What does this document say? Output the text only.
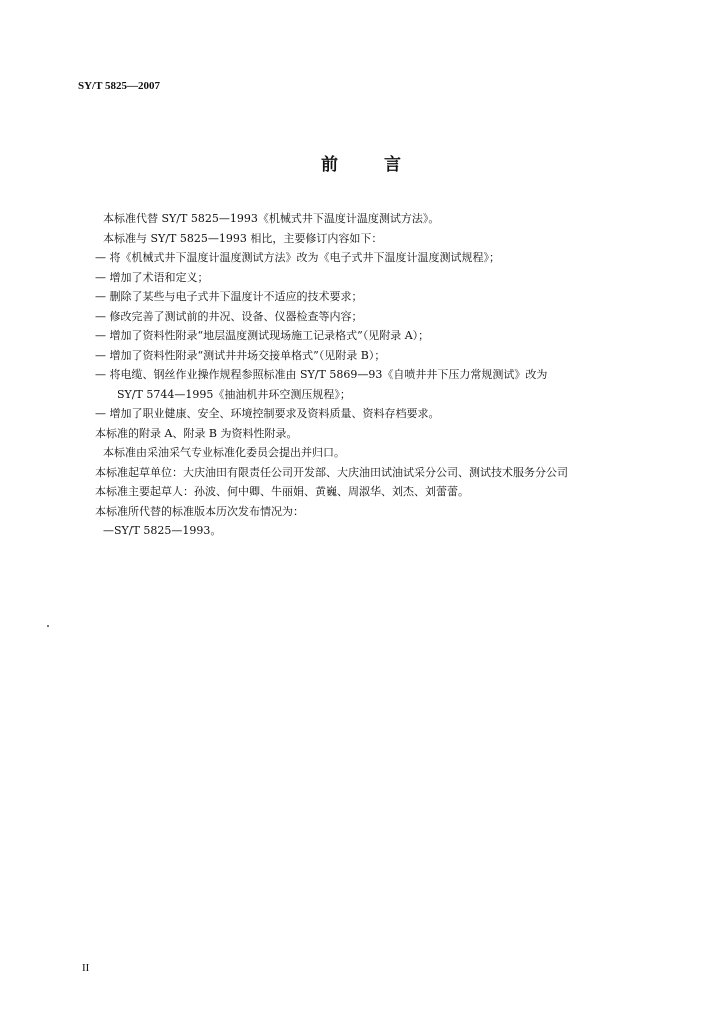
SY/T 5825—2007
前	言
本标准代替 SY/T 5825—1993《机械式井下温度计温度测试方法》。
本标准与 SY/T 5825—1993 相比，主要修订内容如下：
— 将《机械式井下温度计温度测试方法》改为《电子式井下温度计温度测试规程》；
— 增加了术语和定义；
— 删除了某些与电子式井下温度计不适应的技术要求；
— 修改完善了测试前的井况、设备、仪器检查等内容；
— 增加了资料性附录“地层温度测试现场施工记录格式”（见附录 A）；
— 增加了资料性附录“测试井井场交接单格式”（见附录 B）；
— 将电缆、钢丝作业操作规程参照标准由 SY/T 5869—93《自喷井井下压力常规测试》改为
SY/T 5744—1995《抽油机井环空测压规程》；
— 增加了职业健康、安全、环境控制要求及资料质量、资料存档要求。
本标准的附录 A、附录 B 为资料性附录。
本标准由采油采气专业标准化委员会提出并归口。
本标准起草单位：大庆油田有限责任公司开发部、大庆油田试油试采分公司、测试技术服务分公司
本标准主要起草人：孙波、何中卿、牛丽娟、黄巍、周淑华、刘杰、刘蕾蕾。
本标准所代替的标准版本历次发布情况为：
—SY/T 5825—1993。
II
